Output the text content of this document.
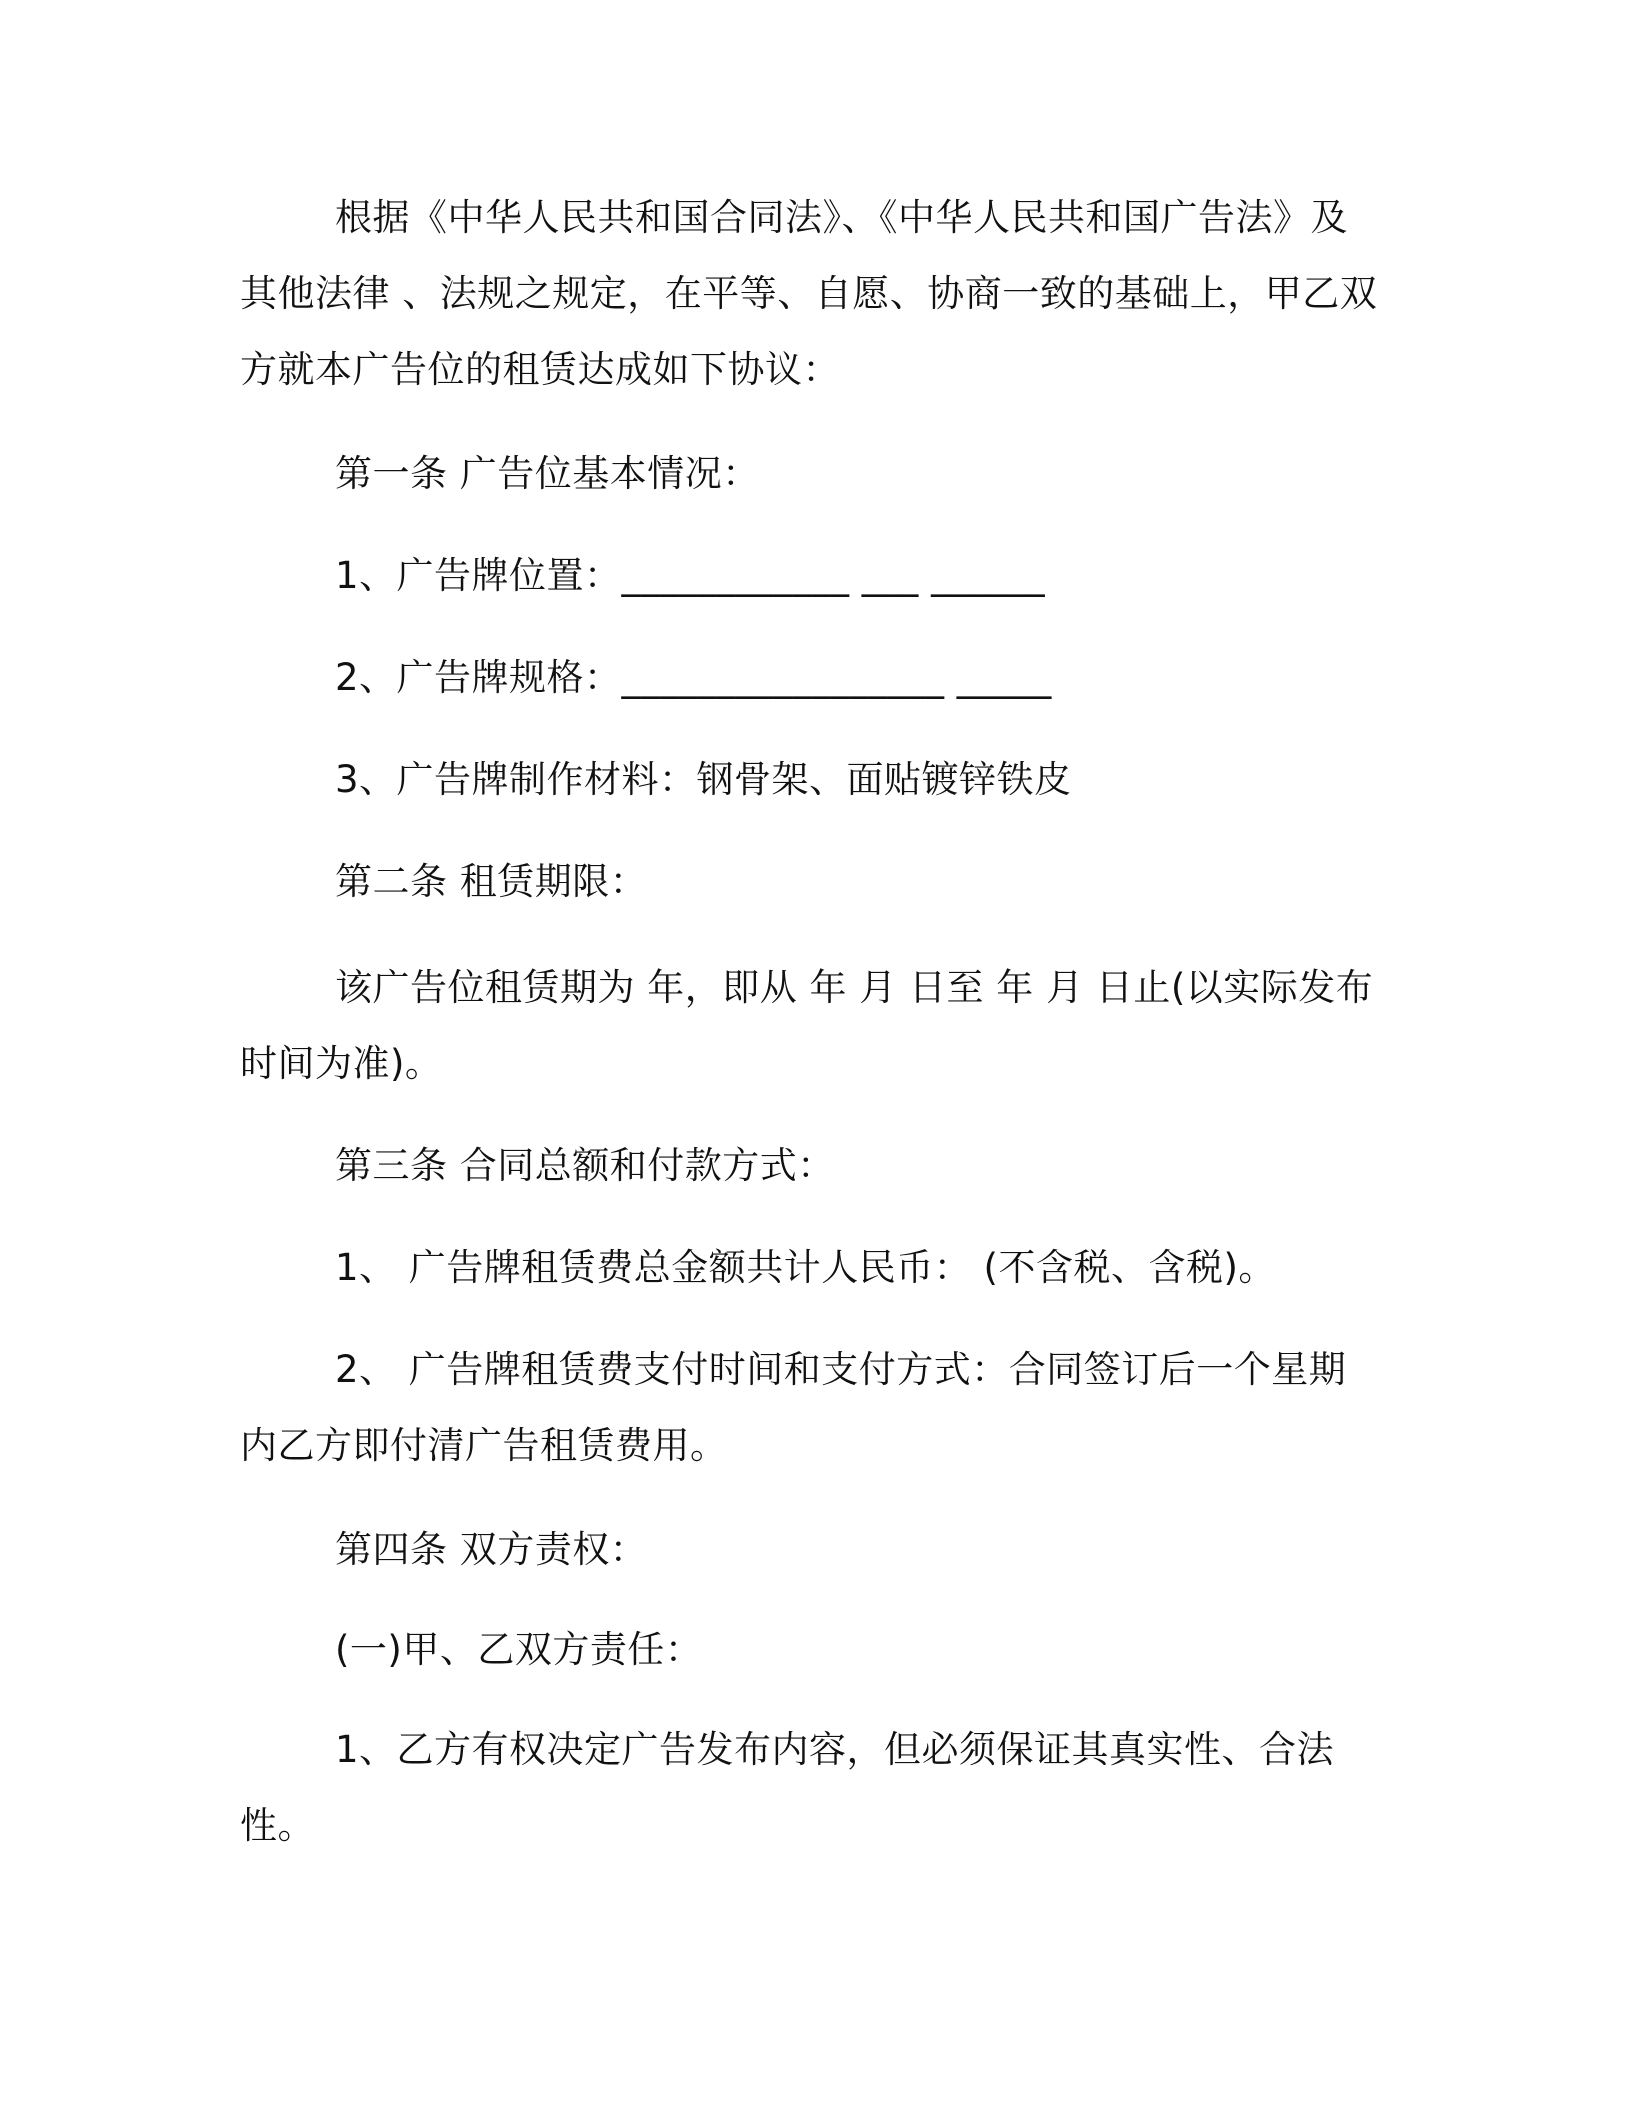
根据《中华人民共和国合同法》、《中华人民共和国广告法》及其他法律 、法规之规定，在平等、自愿、协商一致的基础上，甲乙双方就本广告位的租赁达成如下协议：

第一条 广告位基本情况：

1、广告牌位置：____________ ___ ______

2、广告牌规格：_________________ _____

3、广告牌制作材料：钢骨架、面贴镀锌铁皮

第二条 租赁期限：

该广告位租赁期为 年，即从 年 月 日至 年 月 日止(以实际发布时间为准)。

第三条 合同总额和付款方式：

1、 广告牌租赁费总金额共计人民币： (不含税、含税)。

2、 广告牌租赁费支付时间和支付方式：合同签订后一个星期内乙方即付清广告租赁费用。

第四条 双方责权：

(一)甲、乙双方责任：

1、乙方有权决定广告发布内容，但必须保证其真实性、合法性。
